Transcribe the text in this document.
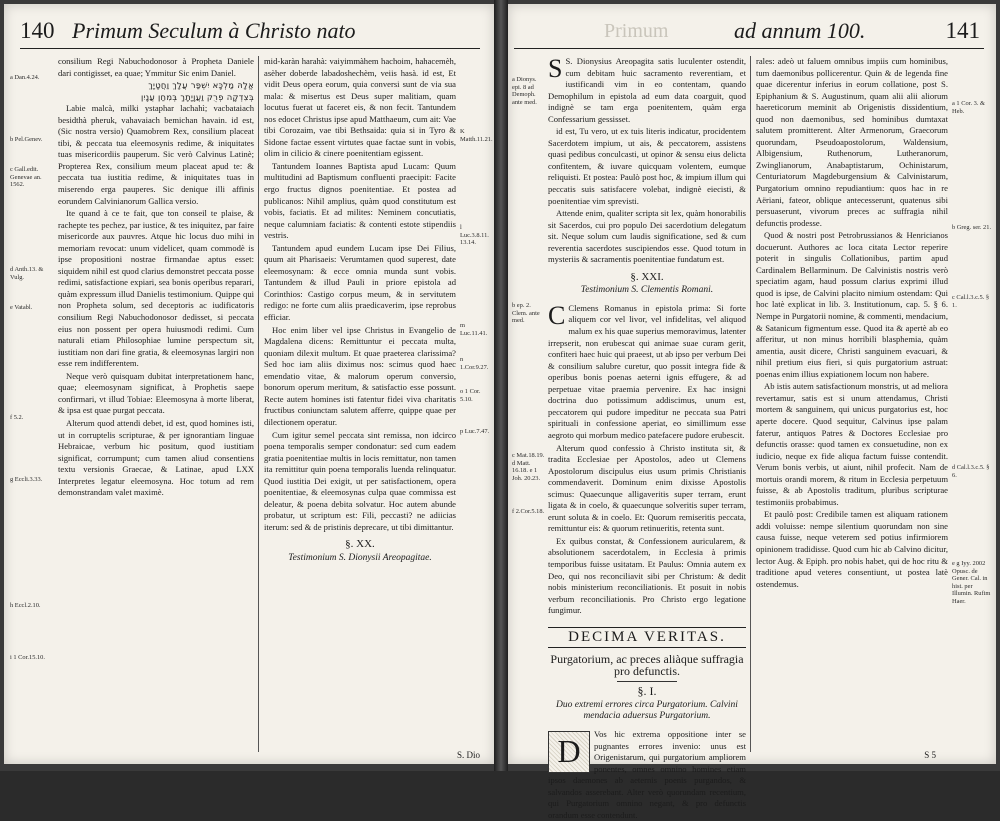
140 Primum Seculum à Christo nato
a Dan.4.24.
b Pel.Genev.
c Gall.edit. Genevae an. 1562.
d Anth.13. & Vulg.
e Vatabl.
f 5.2.
g Eccli.3.33.
h Eccl.2.10.
i 1 Cor.15.10.

consilium Regi Nabuchodonosor à Propheta Daniele dari contigisset, ea quae; Ymmitur Sic enim Daniel.

אֱלָהּ מַלְכָּא יִשְׁפַּר עֲלָךְ וַחֲטָיָךְ
בְּצִדְקָה פְרֻק וַעֲוָיָתָךְ בְּמִחַן עֲנָיִן

Labie malcà, milki ystaphar lachahì; vacbataiach besidthà pheruk, vahavaiach bemichan havain. id est, (Sic nostra versio) Quamobrem Rex, consilium placeat tibi, & peccata tua eleemosynis redime, & iniquitates tuas misericordiis pauperum. Sic verò Calvinus Latinè; Propterea Rex, consilium meum placeat apud te: & peccata tua iustitia redime, & iniquitates tuas in miserendo erga pauperes. Sic denique illi affinis eorundem Calvinianorum Gallica versio.

Ite quand à ce te fait, que ton conseil te plaise, & rachepte tes pechez, par iustice, & tes iniquitez, par faire misericorde aux pauvres. Atque hic locus duo mihi in memoriam revocat: unum videlicet, quam commodè is ipse propositioni nostrae firmandae aptus esset: siquidem nihil est quod clarius demonstret peccata posse redimi, satisfactione expiari, sea bonis operibus reparari, quàm expressum illud Danielis testimonium. Quippe qui non Propheta solum, sed deceptoris ac iudificatoris consilium Regi Nabuchodonosor dedisset, si peccata eius non possent per opera huiusmodi redimi. Cum naturali etiam Philosophiae lumine perspectum sit, iustitiam non dari fine gratia, & eleemosynas largiri non esse rem indifferentem.

Neque verò quisquam dubitat interpretationem hanc, quae; eleemosynam significat, à Prophetis saepe confirmari, vt illud Tobiae: Eleemosyna à morte liberat, & ipsa est quae purgat peccata.

Alterum quod attendi debet, id est, quod homines isti, ut in corruptelis scripturae, & per ignorantiam linguae Hebraicae, verbum hic positum, quod iustitiam significat, corrumpunt; cum tamen aliud consentiens textu versionis Graecae, & Latinae, apud LXX Interpretes legatur eleemosyna. Hoc totum ad rem demonstrandam valet maximè.

mid-karàn harahà: vaiyimmàhem hachoim, hahacemèh, asèher doberde labadoshechèm, veiis hasà. id est, Et vidit Deus opera eorum, quia conversi sunt de via sua mala: & misertus est Deus super malitiam, quam locutus fuerat ut faceret eis, & non fecit. Tantundem nos edocet Christus ipse apud Matthaeum, cum ait: Vae tibi Corozaim, vae tibi Bethsaida: quia si in Tyro & Sidone factae essent virtutes quae factae sunt in vobis, olim in cilicio & cinere poenitentiam egissent.

Tantundem Ioannes Baptista apud Lucam: Quum multitudini ad Baptismum confluenti praecipit: Facite ergo fructus dignos poenitentiae. Et postea ad publicanos: Nihil amplius, quàm quod constitutum est vobis, faciatis. Et ad milites: Neminem concutiatis, neque calumniam faciatis: & contenti estote stipendiis vestris.

Tantundem apud eundem Lucam ipse Dei Filius, quum ait Pharisaeis: Verumtamen quod superest, date eleemosynam: & ecce omnia munda sunt vobis. Tantundem & illud Pauli in priore epistola ad Corinthios: Castigo corpus meum, & in servitutem redigo: ne forte cum aliis praedicaverim, ipse reprobus efficiar.

Hoc enim liber vel ipse Christus in Evangelio de Magdalena dicens: Remittuntur ei peccata multa, quoniam dilexit multum. Et quae praeterea clarissima? Sed hoc iam aliis diximus nos: scimus quod haec emendatio vitae, & malorum operum conversio, bonorum operum meritum, & satisfactio esse possunt. Recte autem homines isti fatentur fidei viva charitatis fructibus coniunctam salutem afferre, quippe quae per dilectionem operatur.

Cum igitur semel peccata sint remissa, non idcirco poena temporalis semper condonatur: sed cum eadem gratia poenitentiae multis in locis remittatur, non tamen ita remittitur quin poena temporalis luenda relinquatur. Quod iustitia Dei exigit, ut per satisfactionem, opera poenitentiae, & eleemosynas culpa quae commissa est deleatur, & poena debita solvatur. Hoc autem abunde probatur, ut scriptum est: Fili, peccasti? ne adiicias iterum: sed & de pristinis deprecare, ut tibi dimittantur.

§. XX.
Testimonium S. Dionysii Areopagitae.
K Matth.11.21.
l Luc.3.8.11. 13.14.
m Luc.11.41.
n 1.Cor.9.27.
o 1 Cor. 5.10.
p Luc.7.47.
S. Dio
Primum	ad annum 100.	141
a Dionys. epi. 8 ad Demoph. ante med.
b ep. 2. Clem. ante med.
c Mat.18.19. d Matt. 16.18. e 1 Joh. 20.23.
f 2.Cor.5.18.

S S. Dionysius Areopagita satis luculenter ostendit, cum debitam huic sacramento reverentiam, et iustificandi vim in eo contentam, quando Demophilum in epistola ad eum data coarguit, quod indignè se tam erga poenitentem, quàm erga Confessarium gessisset.

id est, Tu vero, ut ex tuis literis indicatur, procidentem Sacerdotem impium, ut ais, & peccatorem, assistens quasi pedibus conculcasti, ut opinor & sensu eius delicta confitentem, & iuvare quicquam volentem, eumque reliquisti. Et postea: Paulò post hoc, & impium illum qui peccatis suis satisfacere volebat, indignè eiecisti, & poenitentiae vim sprevisti.

Attende enim, qualiter scripta sit lex, quàm honorabilis sit Sacerdos, cui pro populo Dei sacerdotium delegatum sit. Neque solum cum laudis significatione, sed & cum reverentia sacerdotes suscipiendos esse. Quod totum in mysteriis & sacramentis poenitentiae fundatum est.

§. XXI.
Testimonium S. Clementis Romani.

C Clemens Romanus in epistola prima: Si forte aliquem cor vel livor, vel infidelitas, vel aliquod malum ex his quae superius memoravimus, latenter irrepserit, non erubescat qui animae suae curam gerit, confiteri haec huic qui praeest, ut ab ipso per verbum Dei & consilium salubre curetur, quo possit integra fide & operibus bonis poenas aeterni ignis effugere, & ad perpetuae vitae praemia pervenire. Ex hac insigni doctrina duo potissimum addiscimus, unum est, peccatorem qui pudore impeditur ne peccata sua Patri spirituali in confessione aperiat, eo simillimum esse aegroto qui morbum medico patefacere pudore erubescit.

Alterum quod confessio à Christo instituta sit, & tradita Ecclesiae per Apostolos, adeo ut Clemens Apostolorum discipulus eius usum primis Christianis commendaverit. Dominum enim dixisse Apostolis scimus: Quaecunque alligaveritis super terram, erunt ligata & in coelo, & quaecunque solveritis super terram, erunt soluta & in coelo. Et: Quorum remiseritis peccata, remittuntur eis: & quorum retinueritis, retenta sunt.

Ex quibus constat, & Confessionem auricularem, & absolutionem sacerdotalem, in Ecclesia à primis temporibus fuisse usitatam. Et Paulus: Omnia autem ex Deo, qui nos reconciliavit sibi per Christum: & dedit nobis ministerium reconciliationis. Et posuit in nobis verbum reconciliationis. Pro Christo ergo legatione fungimur.

DECIMA VERITAS.
Purgatorium, ac preces aliàque suffragia pro defunctis.
§. I.
Duo extremi errores circa Purgatorium. Calvini mendacia aduersus Purgatorium.

D	Vos hic extrema oppositione inter se pugnantes errores invenio: unus est Origenistarum, qui purgatorium ampliorem ponentes, omnes omnino homines etiam ipsos daemones ab aeternis poenis purgandos, & salvandos asserebant. Alter verò quorundam recentium, qui Purgatorium omnino negant, & pro defunctis orandum esse contendunt.

rales: adeò ut faluem omnibus impiis cum hominibus, tum daemonibus pollicerentur. Quin & de legenda fine quae dicerentur inferius in eorum collatione, post S. Epiphanium & S. Augustinum, quam alii alii aliorum haereticorum meminit ab Origenistis dissidentium, quod non daemonibus, sed hominibus dumtaxat salutem promitterent. Alter Armenorum, Graecorum quorundam, Pseudoapostolorum, Waldensium, Albigensium, Ruthenorum, Lutheranorum, Zwinglianorum, Anabaptistarum, Ochinistarum, Centuriatorum Magdeburgensium & Calvinistarum, Purgatorium omnino repudiantium: quos hac in re Aëriani, fateor, oblique antecesserunt, quatenus sibi persuaserunt, vivorum preces ac suffragia nihil defunctis prodesse.

Quod & nostri post Petrobrussianos & Henricianos docuerunt. Authores ac loca citata Lector reperire poterit in singulis Collationibus, partim apud Cardinalem Bellarminum. De Calvinistis nostris verò speciatim agam, haud possum clarius exprimi illud quod is ipse, de Calvini placito nimium ostendam: Qui hoc latè explicat in lib. 3. Institutionum, cap. 5. § 6. Nempe in Purgatorii nomine, & commenti, mendacium, & Satanicum figmentum esse. Quod ita & apertè ab eo afferitur, ut non minus horribili blasphemia, quàm amentia, ausit dicere, Christi sanguinem evacuari, & nihil pretium eius fieri, si quis purgatorium astruat: poenas enim illius expiationem locum non habere.

Ab istis autem satisfactionum monstris, ut ad meliora revertamur, satis est si unum attendamus, Christi mortem & sanguinem, qui unicus purgatorius est, hoc aperte docere. Quod sequitur, Calvinus ipse palam faterur, antiquos Patres & Doctores Ecclesiae pro defunctis orasse: quod tamen ex consuetudine, non ex iudicio, neque ex fide aliqua factum fuisse contendit. Verum bonis verbis, ut aiunt, nihil profecit. Nam de mortuis orandi morem, & ritum in Ecclesia perpetuum fuisse, & ab Apostolis traditum, pluribus scripturae testimoniis probabimus.

Et paulò post: Credibile tamen est aliquam rationem addi voluisse: nempe silentium quorundam non sine causa fuisse, neque veterem sed potius infirmiorem opinionem tradidisse. Quod cum hic ab Calvino dicitur, lector Aug. & Epiph. pro nobis habet, qui de hoc ritu & traditione apud veteres consentiunt, ut postea latè ostendemus.

a 1 Cor. 3. & Heb.
b Greg. ser. 21.
c Cal.l.3.c.5. § 1.
d Cal.l.3.c.5. § 6.
e g Iyy. 2002 Opusc. de Gener. Cal. in hist. per Illumin. Rufim Haer.
S 5
